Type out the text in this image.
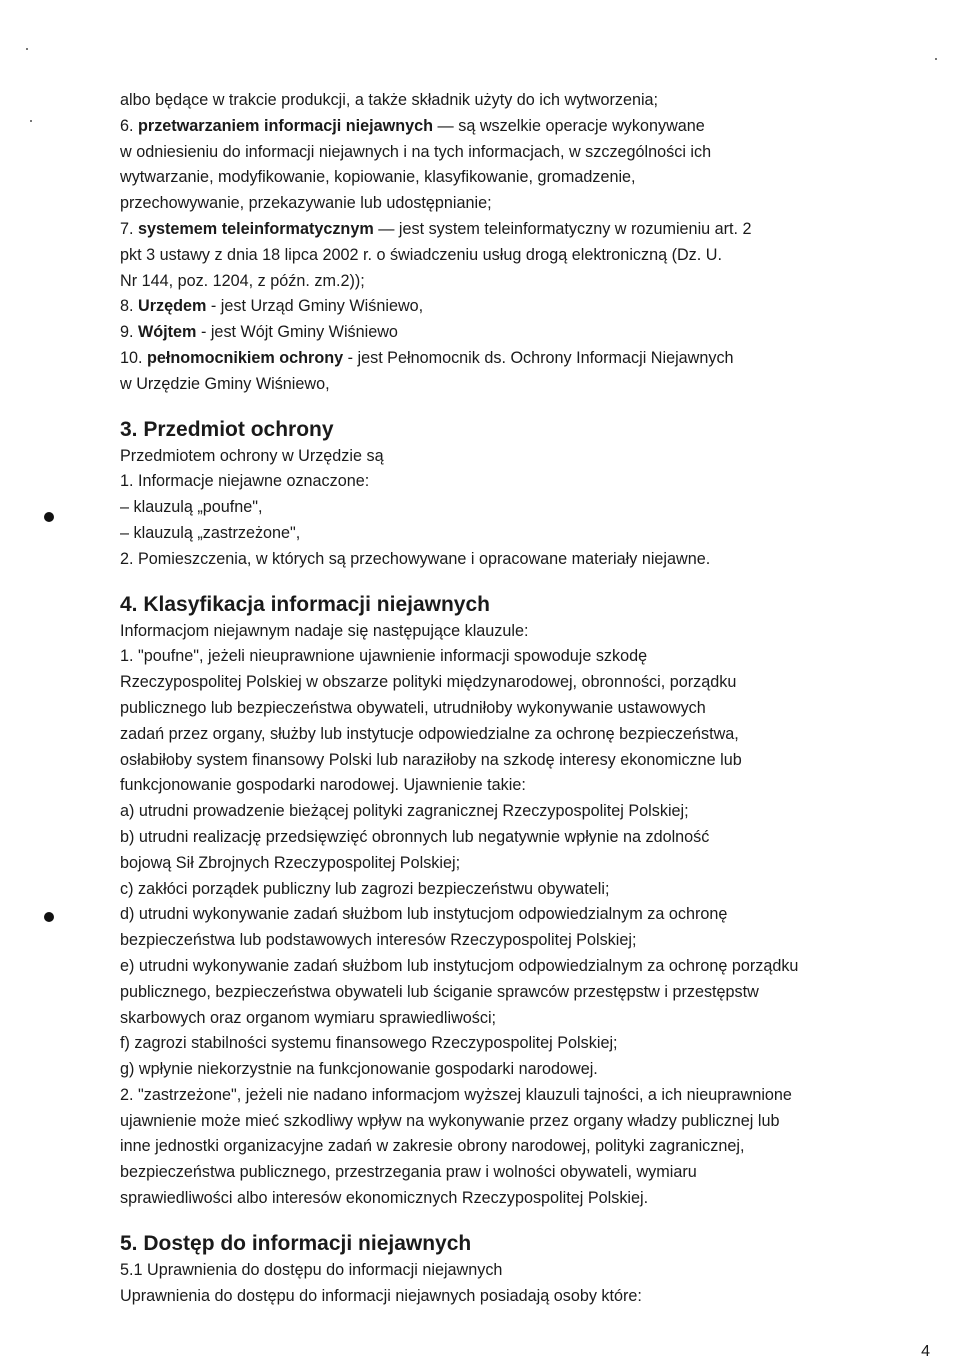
albo będące w trakcie produkcji, a także składnik użyty do ich wytworzenia;
6. przetwarzaniem informacji niejawnych — są wszelkie operacje wykonywane
w odniesieniu do informacji niejawnych i na tych informacjach, w szczególności ich
wytwarzanie, modyfikowanie, kopiowanie, klasyfikowanie, gromadzenie,
przechowywanie, przekazywanie lub udostępnianie;
7. systemem teleinformatycznym — jest system teleinformatyczny w rozumieniu art. 2
pkt 3 ustawy z dnia 18 lipca 2002 r. o świadczeniu usług drogą elektroniczną (Dz. U.
Nr 144, poz. 1204, z późn. zm.2));
8. Urzędem - jest Urząd Gminy Wiśniewo,
9. Wójtem - jest Wójt Gminy Wiśniewo
10. pełnomocnikiem ochrony - jest Pełnomocnik ds. Ochrony Informacji Niejawnych
w Urzędzie Gminy Wiśniewo,
3. Przedmiot ochrony
Przedmiotem ochrony w Urzędzie są
1. Informacje niejawne oznaczone:
– klauzulą „poufne",
– klauzulą „zastrzeżone",
2. Pomieszczenia, w których są przechowywane i opracowane materiały niejawne.
4. Klasyfikacja informacji niejawnych
Informacjom niejawnym nadaje się następujące klauzule:
1. "poufne", jeżeli nieuprawnione ujawnienie informacji spowoduje szkodę
Rzeczypospolitej Polskiej w obszarze polityki międzynarodowej, obronności, porządku
publicznego lub bezpieczeństwa obywateli, utrudniłoby wykonywanie ustawowych
zadań przez organy, służby lub instytucje odpowiedzialne za ochronę bezpieczeństwa,
osłabiłoby system finansowy Polski lub naraziłoby na szkodę interesy ekonomiczne lub
funkcjonowanie gospodarki narodowej. Ujawnienie takie:
a) utrudni prowadzenie bieżącej polityki zagranicznej Rzeczypospolitej Polskiej;
b) utrudni realizację przedsięwzięć obronnych lub negatywnie wpłynie na zdolność
bojową Sił Zbrojnych Rzeczypospolitej Polskiej;
c) zakłóci porządek publiczny lub zagrozi bezpieczeństwu obywateli;
d) utrudni wykonywanie zadań służbom lub instytucjom odpowiedzialnym za ochronę
bezpieczeństwa lub podstawowych interesów Rzeczypospolitej Polskiej;
e) utrudni wykonywanie zadań służbom lub instytucjom odpowiedzialnym za ochronę porządku
publicznego, bezpieczeństwa obywateli lub ściganie sprawców przestępstw i przestępstw
skarbowych oraz organom wymiaru sprawiedliwości;
f) zagrozi stabilności systemu finansowego Rzeczypospolitej Polskiej;
g) wpłynie niekorzystnie na funkcjonowanie gospodarki narodowej.
2. "zastrzeżone", jeżeli nie nadano informacjom wyższej klauzuli tajności, a ich nieuprawnione
ujawnienie może mieć szkodliwy wpływ na wykonywanie przez organy władzy publicznej lub
inne jednostki organizacyjne zadań w zakresie obrony narodowej, polityki zagranicznej,
bezpieczeństwa publicznego, przestrzegania praw i wolności obywateli, wymiaru
sprawiedliwości albo interesów ekonomicznych Rzeczypospolitej Polskiej.
5. Dostęp do informacji niejawnych
5.1 Uprawnienia do dostępu do informacji niejawnych
Uprawnienia do dostępu do informacji niejawnych posiadają osoby które:
4
